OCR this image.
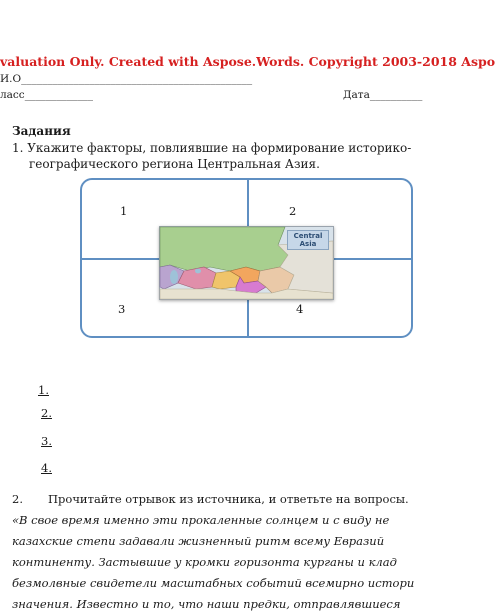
valuation Only. Created with Aspose.Words. Copyright 2003-2018 Aspo
И.О____________________________________________
ласс_____________	Дата__________
Задания
1. Укажите факторы, повлиявшие на формирование историко-
географического региона Центральная Азия.
1	2
3	4
Central Asia
1.
2.
3.
4.
2. Прочитайте отрывок из источника, и ответьте на вопросы.
«В свое время именно эти прокаленные солнцем и с виду не
казахские степи задавали жизненный ритм всему Евразий
континенту. Застывшие у кромки горизонта курганы и клад
безмолвные свидетели масштабных событий всемирно истори
значения. Известно и то, что наши предки, отправлявшиеся
